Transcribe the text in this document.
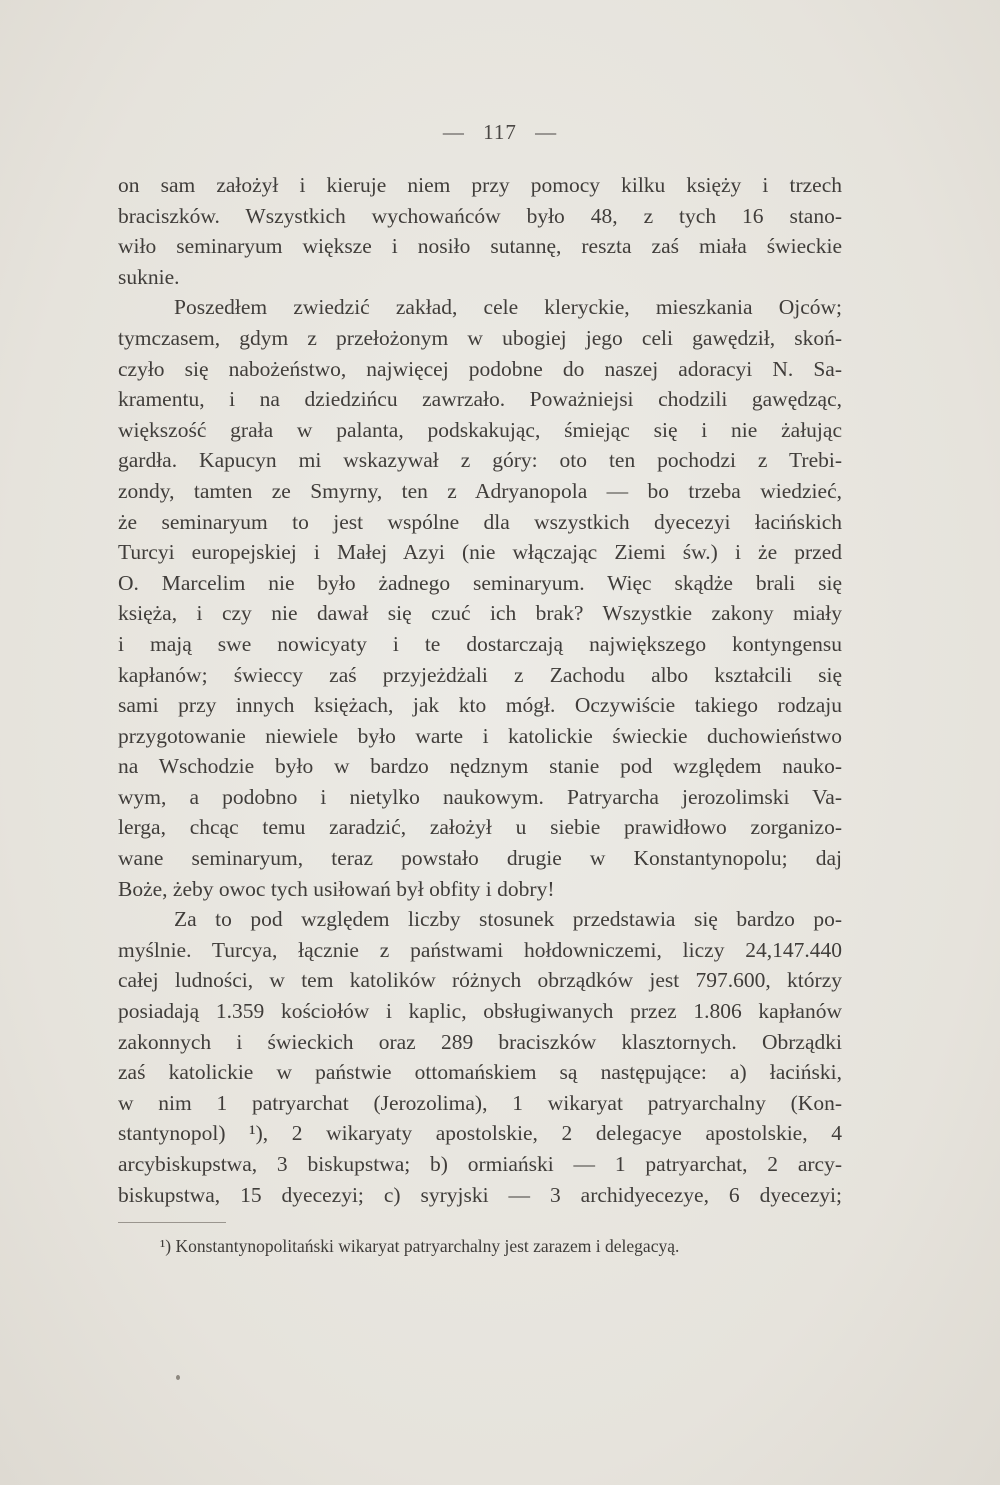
— 117 —
on sam założył i kieruje niem przy pomocy kilku księży i trzech
braciszków. Wszystkich wychowańców było 48, z tych 16 stano-
wiło seminaryum większe i nosiło sutannę, reszta zaś miała świeckie
suknie.
Poszedłem zwiedzić zakład, cele kleryckie, mieszkania Ojców;
tymczasem, gdym z przełożonym w ubogiej jego celi gawędził, skoń-
czyło się nabożeństwo, najwięcej podobne do naszej adoracyi N. Sa-
kramentu, i na dziedzińcu zawrzało. Poważniejsi chodzili gawędząc,
większość grała w palanta, podskakując, śmiejąc się i nie żałując
gardła. Kapucyn mi wskazywał z góry: oto ten pochodzi z Trebi-
zondy, tamten ze Smyrny, ten z Adryanopola — bo trzeba wiedzieć,
że seminaryum to jest wspólne dla wszystkich dyecezyi łacińskich
Turcyi europejskiej i Małej Azyi (nie włączając Ziemi św.) i że przed
O. Marcelim nie było żadnego seminaryum. Więc skądże brali się
księża, i czy nie dawał się czuć ich brak? Wszystkie zakony miały
i mają swe nowicyaty i te dostarczają największego kontyngensu
kapłanów; świeccy zaś przyjeżdżali z Zachodu albo kształcili się
sami przy innych księżach, jak kto mógł. Oczywiście takiego rodzaju
przygotowanie niewiele było warte i katolickie świeckie duchowieństwo
na Wschodzie było w bardzo nędznym stanie pod względem nauko-
wym, a podobno i nietylko naukowym. Patryarcha jerozolimski Va-
lerga, chcąc temu zaradzić, założył u siebie prawidłowo zorganizo-
wane seminaryum, teraz powstało drugie w Konstantynopolu; daj
Boże, żeby owoc tych usiłowań był obfity i dobry!
Za to pod względem liczby stosunek przedstawia się bardzo po-
myślnie. Turcya, łącznie z państwami hołdowniczemi, liczy 24,147.440
całej ludności, w tem katolików różnych obrządków jest 797.600, którzy
posiadają 1.359 kościołów i kaplic, obsługiwanych przez 1.806 kapłanów
zakonnych i świeckich oraz 289 braciszków klasztornych. Obrządki
zaś katolickie w państwie ottomańskiem są następujące: a) łaciński,
w nim 1 patryarchat (Jerozolima), 1 wikaryat patryarchalny (Kon-
stantynopol) ¹), 2 wikaryaty apostolskie, 2 delegacye apostolskie, 4
arcybiskupstwa, 3 biskupstwa; b) ormiański — 1 patryarchat, 2 arcy-
biskupstwa, 15 dyecezyi; c) syryjski — 3 archidyecezye, 6 dyecezyi;
¹) Konstantynopolitański wikaryat patryarchalny jest zarazem i delegacyą.
